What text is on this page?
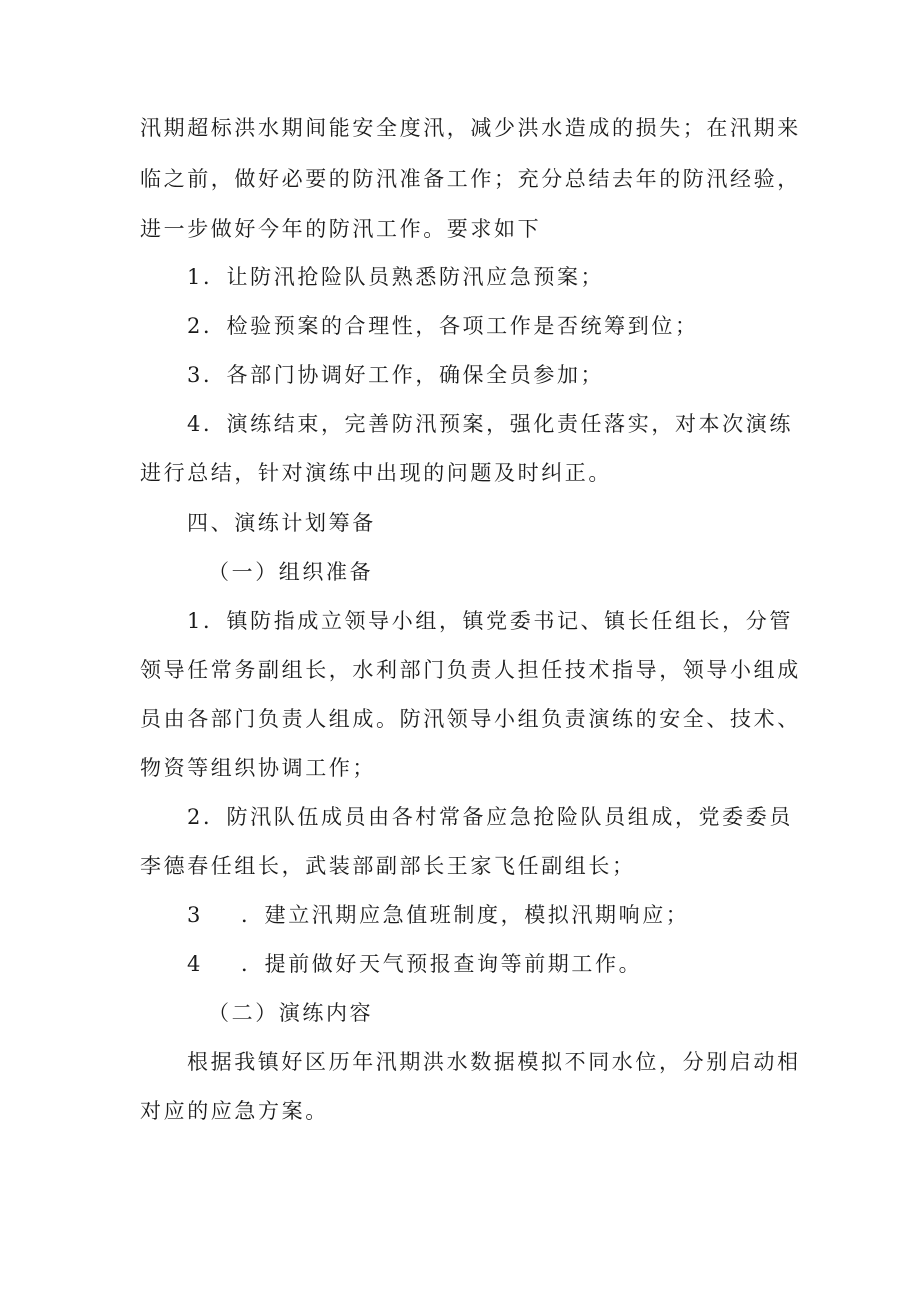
汛期超标洪水期间能安全度汛，减少洪水造成的损失；在汛期来
临之前，做好必要的防汛准备工作；充分总结去年的防汛经验，
进一步做好今年的防汛工作。要求如下
1．让防汛抢险队员熟悉防汛应急预案；
2．检验预案的合理性，各项工作是否统筹到位；
3．各部门协调好工作，确保全员参加；
4．演练结束，完善防汛预案，强化责任落实，对本次演练
进行总结，针对演练中出现的问题及时纠正。
四、演练计划筹备
（一）组织准备
1．镇防指成立领导小组，镇党委书记、镇长任组长，分管
领导任常务副组长，水利部门负责人担任技术指导，领导小组成
员由各部门负责人组成。防汛领导小组负责演练的安全、技术、
物资等组织协调工作；
2．防汛队伍成员由各村常备应急抢险队员组成，党委委员
李德春任组长，武装部副部长王家飞任副组长；
3 ．建立汛期应急值班制度，模拟汛期响应；
4 ．提前做好天气预报查询等前期工作。
（二）演练内容
根据我镇好区历年汛期洪水数据模拟不同水位，分别启动相
对应的应急方案。
